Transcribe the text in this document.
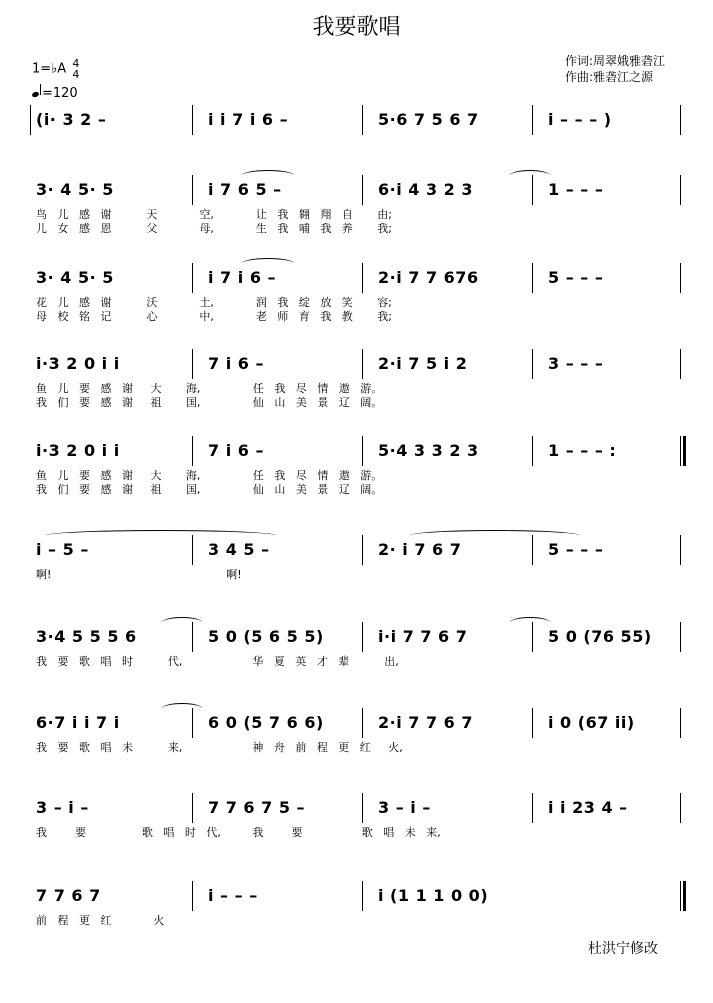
我要歌唱
作词:周翠娥雅砻江
作曲:雅砻江之源
1=♭A 4
4
=120
(i· 3 2 –	i i 7 i 6 –	5·6 7 5 6 7	i – – – )
3· 4 5· 5	i 7 6 5 –	6·i 4 3 2 3	1 – – –
鸟   儿   感   谢          天            空,            让   我   翱   翔   自       由;
儿   女   感   恩          父            母,            生   我   哺   我   养       我;
3· 4 5· 5	i 7 i 6 –	2·i 7 7 676	5 – – –
花   儿   感   谢          沃            土,            润   我   绽   放   笑       容;
母   校   铭   记          心            中,            老   师   育   我   教       我;
i·3 2 0 i i	7 i 6 –	2·i 7 5 i 2	3 – – –
鱼   儿   要   感   谢     大       海,               任   我   尽   情   遨   游。
我   们   要   感   谢     祖       国,               仙   山   美   景   辽   阔。
i·3 2 0 i i	7 i 6 –	5·4 3 3 2 3	1 – – – :
鱼   儿   要   感   谢     大       海,               任   我   尽   情   遨   游。
我   们   要   感   谢     祖       国,               仙   山   美   景   辽   阔。
i – 5 –	3 4 5 –	2· i 7 6 7	5 – – –
啊!                                                  啊!
3·4 5 5 5 6	5 0 (5 6 5 5)	i·i 7 7 6 7	5 0 (76 55)
我   要   歌   唱   时          代,                    华   夏   英   才   辈          出,
6·7 i i 7 i	6 0 (5 7 6 6)	2·i 7 7 6 7	i 0 (67 ii)
我   要   歌   唱   未          来,                    神   舟   前   程   更   红     火,
3 – i –	7 7 6 7 5 –	3 – i –	i i 23 4 –
我        要                歌   唱   时   代,         我        要                 歌   唱   未   来,
7 7 6 7	i – – –	i (1 1 1 0 0)
前   程   更   红            火
杜洪宁修改
